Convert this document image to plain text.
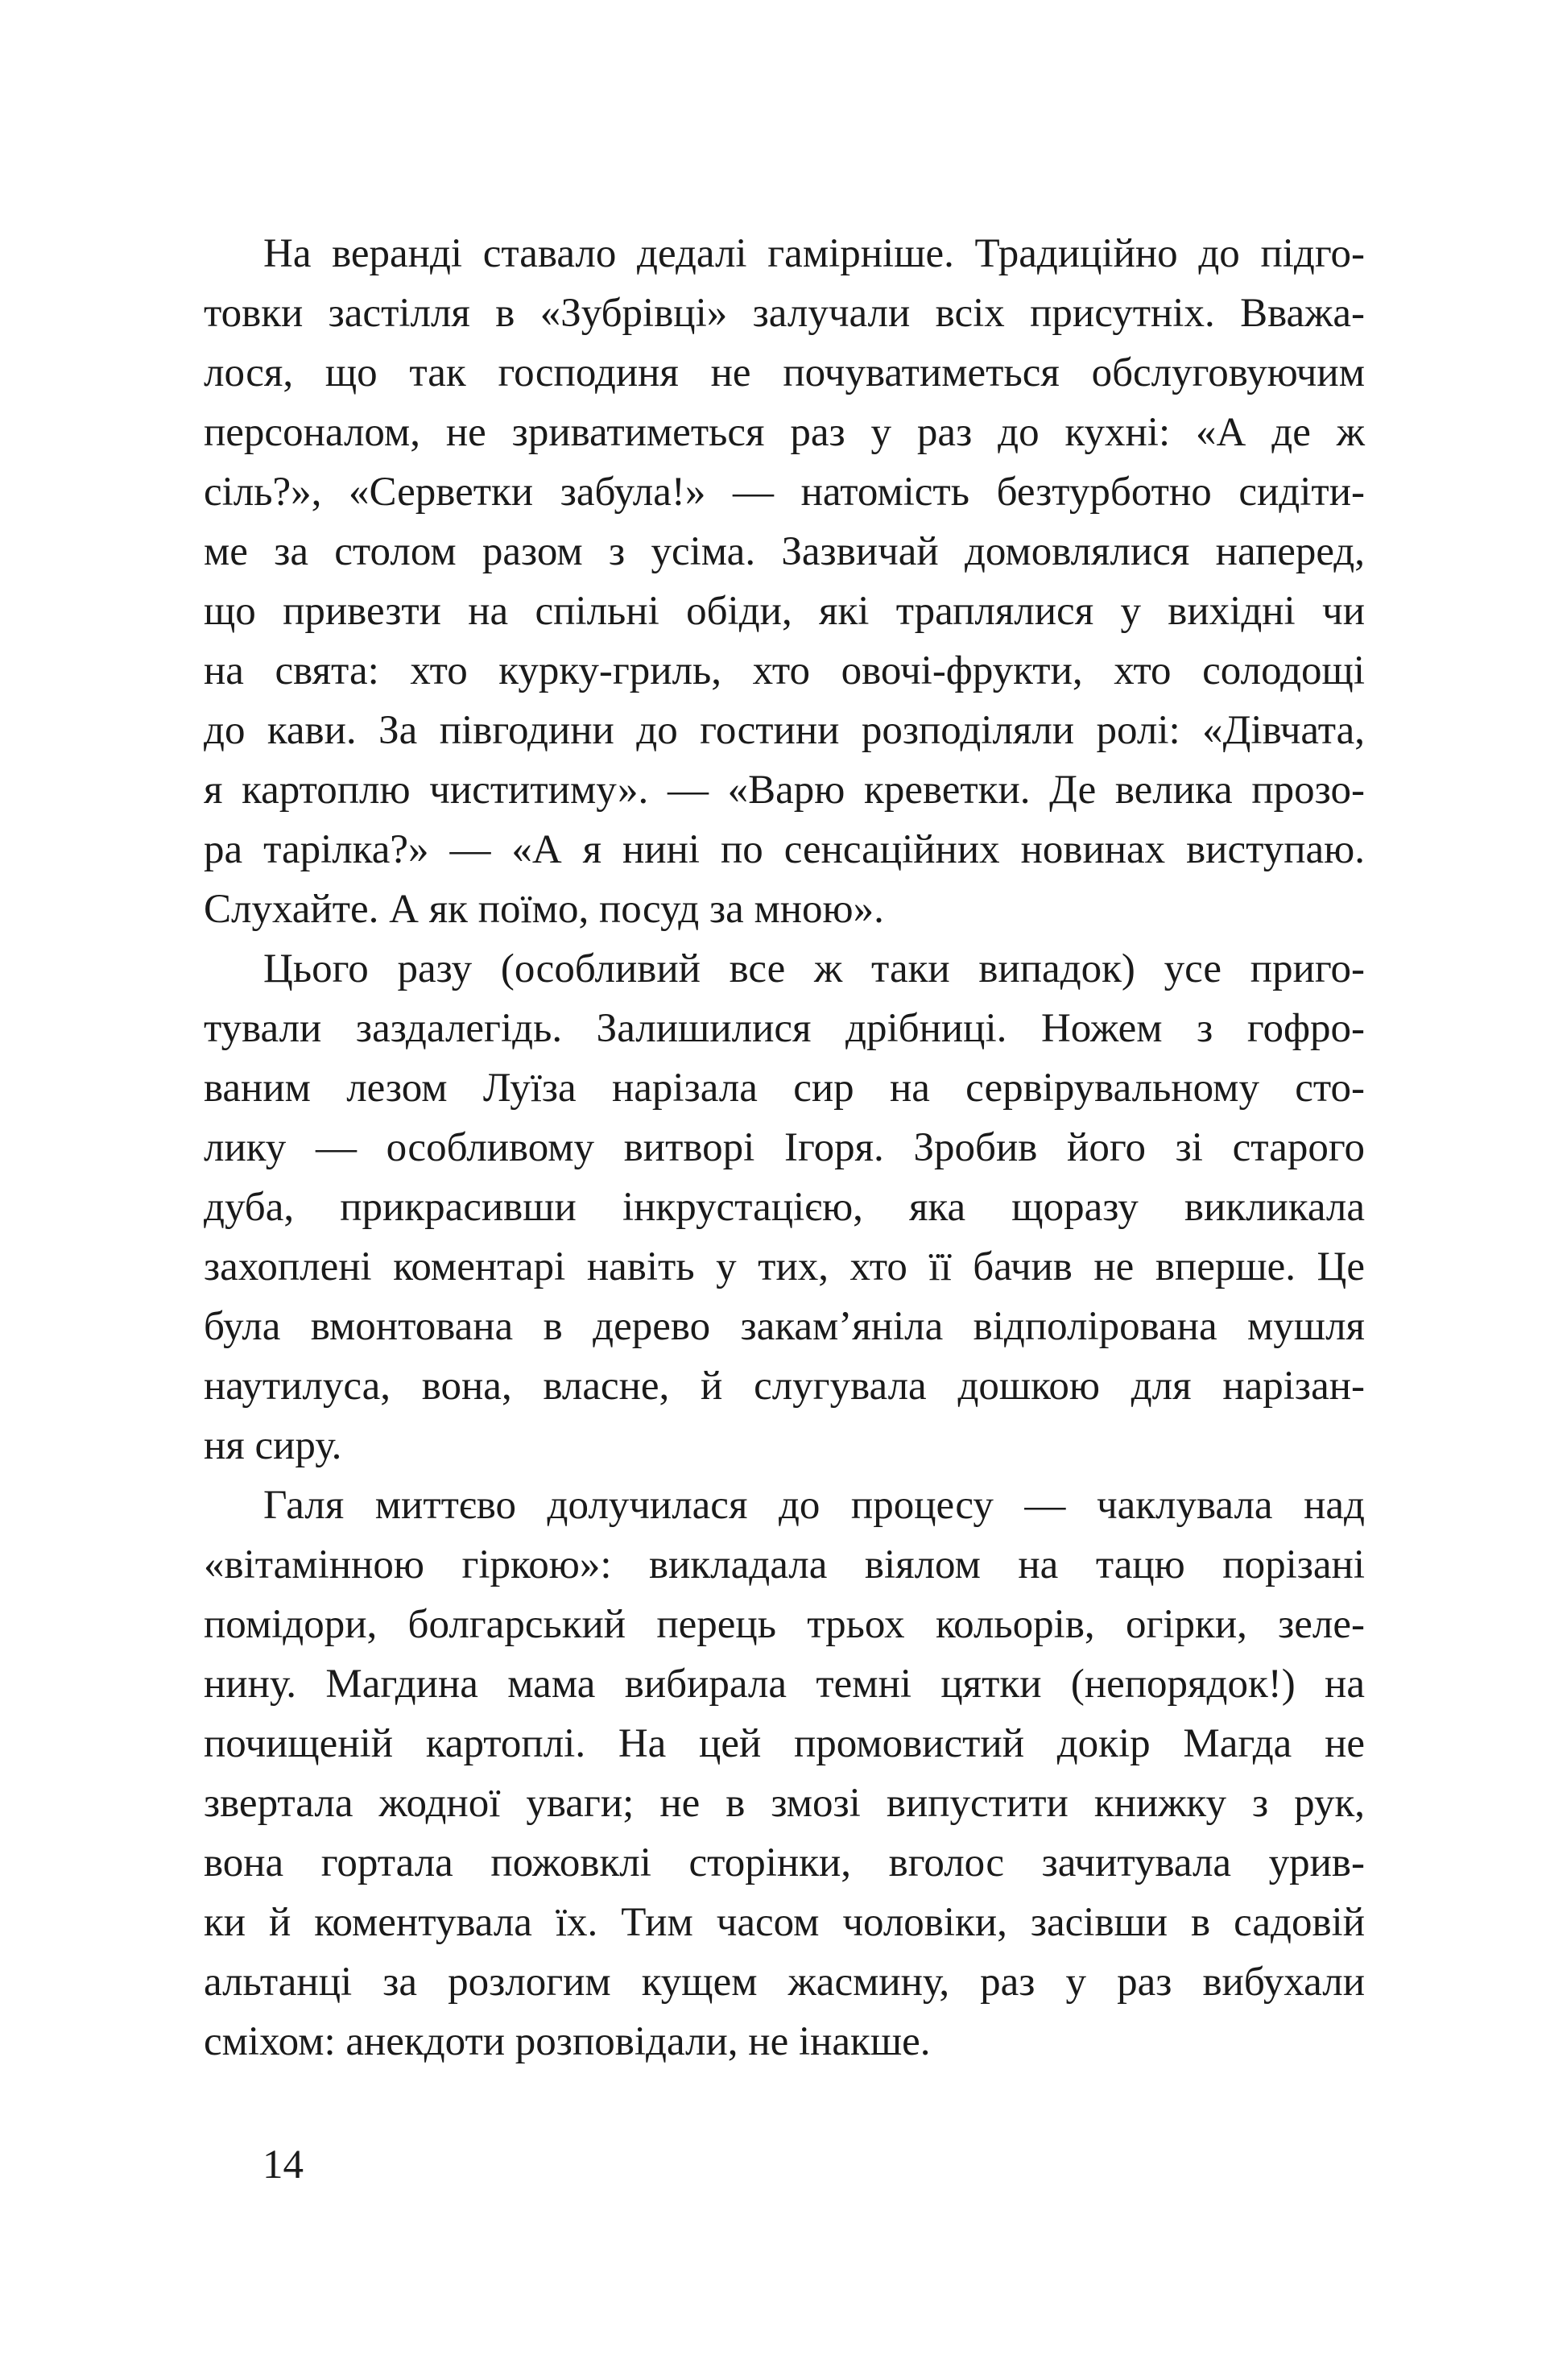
На веранді ставало дедалі гамірніше. Традиційно до підго-
товки застілля в «Зубрівці» залучали всіх присутніх. Вважа-
лося, що так господиня не почуватиметься обслуговуючим
персоналом, не зриватиметься раз у раз до кухні: «А де ж
сіль?», «Серветки забула!» — натомість безтурботно сидіти-
ме за столом разом з усіма. Зазвичай домовлялися наперед,
що привезти на спільні обіди, які траплялися у вихідні чи
на свята: хто курку-гриль, хто овочі-фрукти, хто солодощі
до кави. За півгодини до гостини розподіляли ролі: «Дівчата,
я картоплю чиститиму». — «Варю креветки. Де велика прозо-
ра тарілка?» — «А я нині по сенсаційних новинах виступаю.
Слухайте. А як поїмо, посуд за мною».
Цього разу (особливий все ж таки випадок) усе приго-
тували заздалегідь. Залишилися дрібниці. Ножем з гофро-
ваним лезом Луїза нарізала сир на сервірувальному сто-
лику — особливому витворі Ігоря. Зробив його зі старого
дуба, прикрасивши інкрустацією, яка щоразу викликала
захоплені коментарі навіть у тих, хто її бачив не вперше. Це
була вмонтована в дерево закам’яніла відполірована мушля
наутилуса, вона, власне, й слугувала дошкою для нарізан-
ня сиру.
Галя миттєво долучилася до процесу — чаклувала над
«вітамінною гіркою»: викладала віялом на тацю порізані
помідори, болгарський перець трьох кольорів, огірки, зеле-
нину. Магдина мама вибирала темні цятки (непорядок!) на
почищеній картоплі. На цей промовистий докір Магда не
звертала жодної уваги; не в змозі випустити книжку з рук,
вона гортала пожовклі сторінки, вголос зачитувала урив-
ки й коментувала їх. Тим часом чоловіки, засівши в садовій
альтанці за розлогим кущем жасмину, раз у раз вибухали
сміхом: анекдоти розповідали, не інакше.
14
